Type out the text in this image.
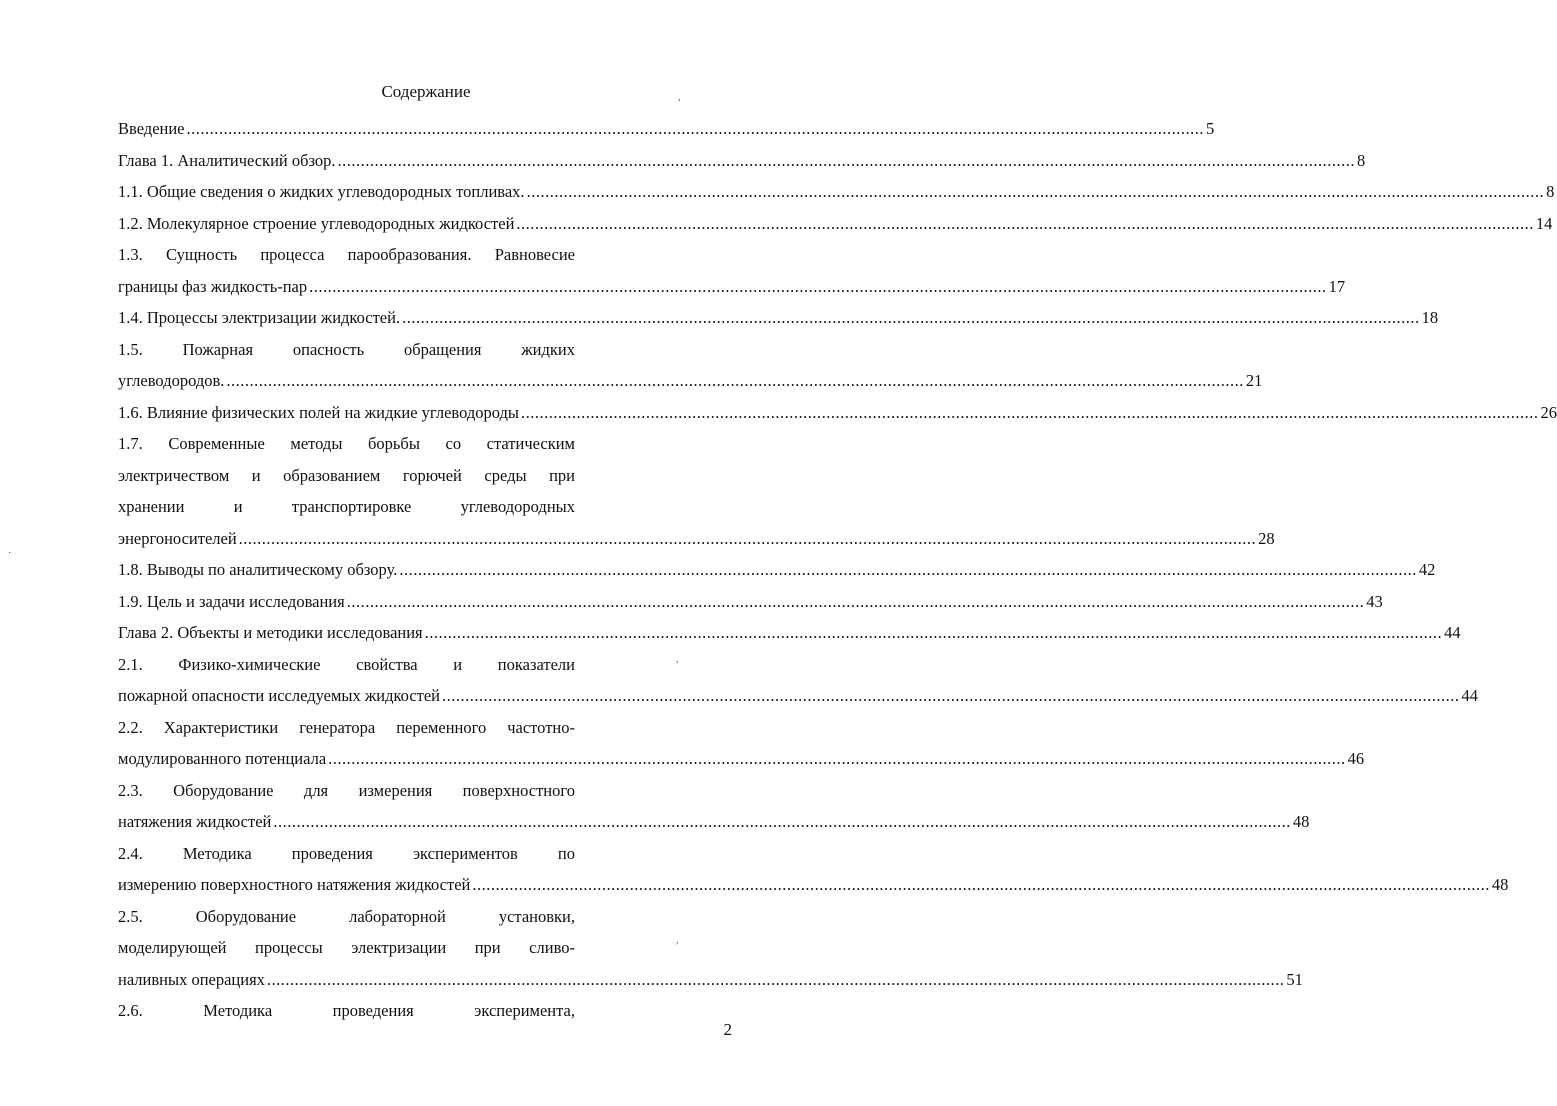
Содержание
Введение ............................................................................................................................................................................................................................ 5
Глава 1. Аналитический обзор. ............................................................................................................................................................................................................................ 8
1.1. Общие сведения о жидких углеводородных топливах. ............................................................................................................................................................................................................................ 8
1.2. Молекулярное строение углеводородных жидкостей ............................................................................................................................................................................................................................ 14
1.3. Сущность процесса парообразования. Равновесие
границы фаз жидкость-пар ............................................................................................................................................................................................................................ 17
1.4. Процессы электризации жидкостей. ............................................................................................................................................................................................................................ 18
1.5. Пожарная опасность обращения жидких
углеводородов. ............................................................................................................................................................................................................................ 21
1.6. Влияние физических полей на жидкие углеводороды ............................................................................................................................................................................................................................ 26
1.7. Современные методы борьбы со статическим
электричеством и образованием горючей среды при
хранении и транспортировке углеводородных
энергоносителей ............................................................................................................................................................................................................................ 28
1.8. Выводы по аналитическому обзору. ............................................................................................................................................................................................................................ 42
1.9. Цель и задачи исследования ............................................................................................................................................................................................................................ 43
Глава 2. Объекты и методики исследования ............................................................................................................................................................................................................................ 44
2.1. Физико-химические свойства и показатели
пожарной опасности исследуемых жидкостей ............................................................................................................................................................................................................................ 44
2.2. Характеристики генератора переменного частотно-
модулированного потенциала ............................................................................................................................................................................................................................ 46
2.3. Оборудование для измерения поверхностного
натяжения жидкостей ............................................................................................................................................................................................................................ 48
2.4. Методика проведения экспериментов по
измерению поверхностного натяжения жидкостей ............................................................................................................................................................................................................................ 48
2.5. Оборудование лабораторной установки,
моделирующей процессы электризации при сливо-
наливных операциях ............................................................................................................................................................................................................................ 51
2.6. Методика проведения эксперимента,
2
,
·
,
,
